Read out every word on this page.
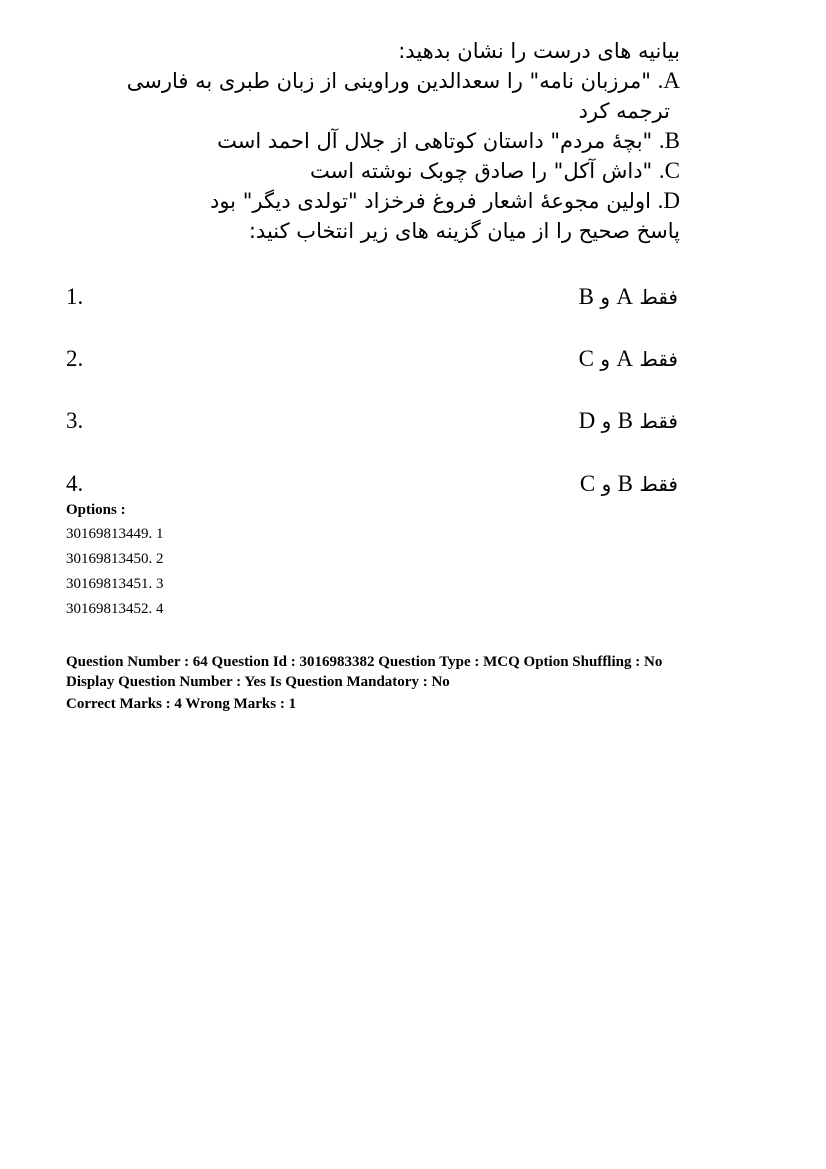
بیانیه های درست را نشان بدهید:
A. "مرزبان نامه" را سعدالدین وراوینی از زبان طبری به فارسی
ترجمه کرد
B. "بچهٔ مردم" داستان کوتاهی از جلال آل احمد است
C. "داش آکل" را صادق چوبک نوشته است
D. اولین مجوعهٔ اشعار فروغ فرخزاد "تولدی دیگر" بود
پاسخ صحیح را از میان گزینه های زیر انتخاب کنید:
1.	فقط A و B
2.	فقط A و C
3.	فقط B و D
4.	فقط B و C
Options :
30169813449. 1
30169813450. 2
30169813451. 3
30169813452. 4
Question Number : 64 Question Id : 3016983382 Question Type : MCQ Option Shuffling : No
Display Question Number : Yes Is Question Mandatory : No
Correct Marks : 4 Wrong Marks : 1
